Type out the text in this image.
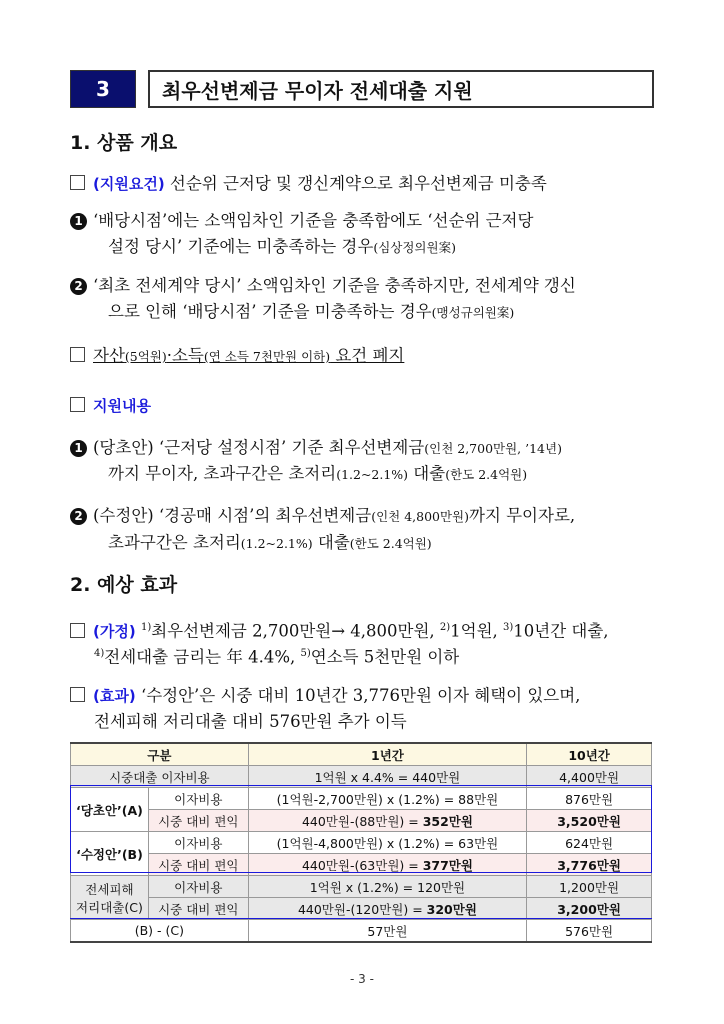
3	최우선변제금 무이자 전세대출 지원
1. 상품 개요
(지원요건) 선순위 근저당 및 갱신계약으로 최우선변제금 미충족
1 ‘배당시점’에는 소액임차인 기준을 충족함에도 ‘선순위 근저당
설정 당시’ 기준에는 미충족하는 경우(심상정의원案)
2 ‘최초 전세계약 당시’ 소액임차인 기준을 충족하지만, 전세계약 갱신
으로 인해 ‘배당시점’ 기준을 미충족하는 경우(맹성규의원案)
자산(5억원)·소득(연 소득 7천만원 이하) 요건 폐지
지원내용
1 (당초안) ‘근저당 설정시점’ 기준 최우선변제금(인천 2,700만원, ’14년)
까지 무이자, 초과구간은 초저리(1.2~2.1%) 대출(한도 2.4억원)
2 (수정안) ‘경공매 시점’의 최우선변제금(인천 4,800만원)까지 무이자로,
초과구간은 초저리(1.2~2.1%) 대출(한도 2.4억원)
2. 예상 효과
(가정) $^{1)}$최우선변제금 2,700만원→ 4,800만원, $^{2)}$1억원, $^{3)}$10년간 대출,
$^{4)}$전세대출 금리는 年 4.4%, $^{5)}$연소득 5천만원 이하
(효과) ‘수정안’은 시중 대비 10년간 3,776만원 이자 혜택이 있으며,
전세피해 저리대출 대비 576만원 추가 이득
구분		1년간	10년간
시중대출 이자비용		1억원 x 4.4% = 440만원	4,400만원
‘당초안’(A)	이자비용	(1억원-2,700만원) x (1.2%) = 88만원	876만원
	시중 대비 편익	440만원-(88만원) = 352만원	3,520만원
‘수정안’(B)	이자비용	(1억원-4,800만원) x (1.2%) = 63만원	624만원
	시중 대비 편익	440만원-(63만원) = 377만원	3,776만원
전세피해
저리대출(C)	이자비용	1억원 x (1.2%) = 120만원	1,200만원
	시중 대비 편익	440만원-(120만원) = 320만원	3,200만원
(B) - (C)		57만원	576만원
- 3 -
